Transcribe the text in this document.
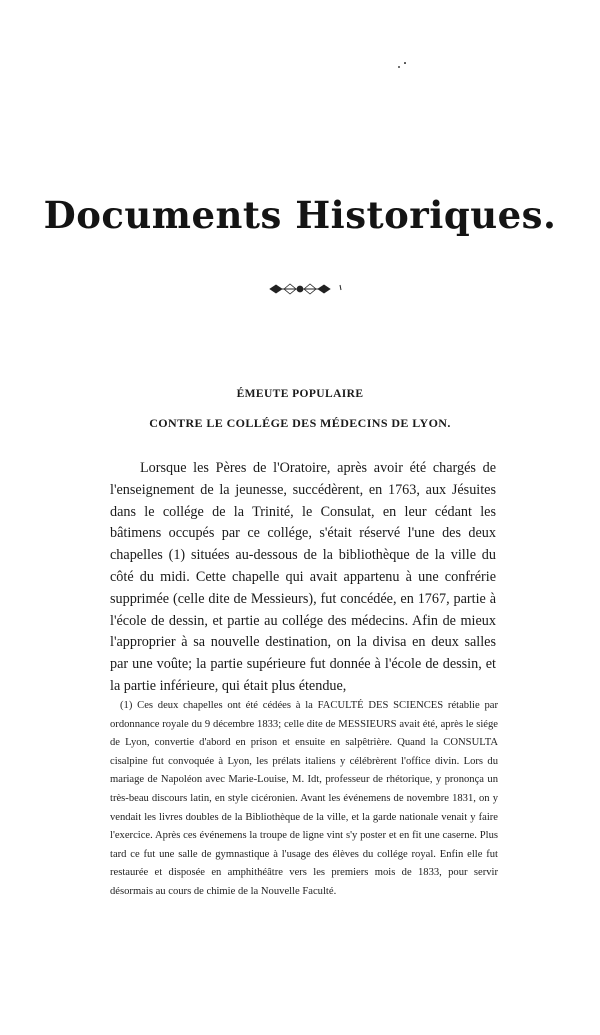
Documents Historiques.
ÉMEUTE POPULAIRE
CONTRE LE COLLÉGE DES MÉDECINS DE LYON.

Lorsque les Pères de l'Oratoire, après avoir été chargés de l'enseignement de la jeunesse, succédèrent, en 1763, aux Jésuites dans le collége de la Trinité, le Consulat, en leur cédant les bâtimens occupés par ce collége, s'était réservé l'une des deux chapelles (1) situées au-dessous de la bibliothèque de la ville du côté du midi. Cette chapelle qui avait appartenu à une confrérie supprimée (celle dite de Messieurs), fut concédée, en 1767, partie à l'école de dessin, et partie au collége des médecins. Afin de mieux l'approprier à sa nouvelle destination, on la divisa en deux salles par une voûte; la partie supérieure fut donnée à l'école de dessin, et la partie inférieure, qui était plus étendue,

(1) Ces deux chapelles ont été cédées à la FACULTÉ DES SCIENCES rétablie par ordonnance royale du 9 décembre 1833; celle dite de MESSIEURS avait été, après le siége de Lyon, convertie d'abord en prison et ensuite en salpêtrière. Quand la CONSULTA cisalpine fut convoquée à Lyon, les prélats italiens y célébrèrent l'office divin. Lors du mariage de Napoléon avec Marie-Louise, M. Idt, professeur de rhétorique, y prononça un très-beau discours latin, en style cicéronien. Avant les événemens de novembre 1831, on y vendait les livres doubles de la Bibliothèque de la ville, et la garde nationale venait y faire l'exercice. Après ces événemens la troupe de ligne vint s'y poster et en fit une caserne. Plus tard ce fut une salle de gymnastique à l'usage des élèves du collége royal. Enfin elle fut restaurée et disposée en amphithéâtre vers les premiers mois de 1833, pour servir désormais au cours de chimie de la Nouvelle Faculté.
